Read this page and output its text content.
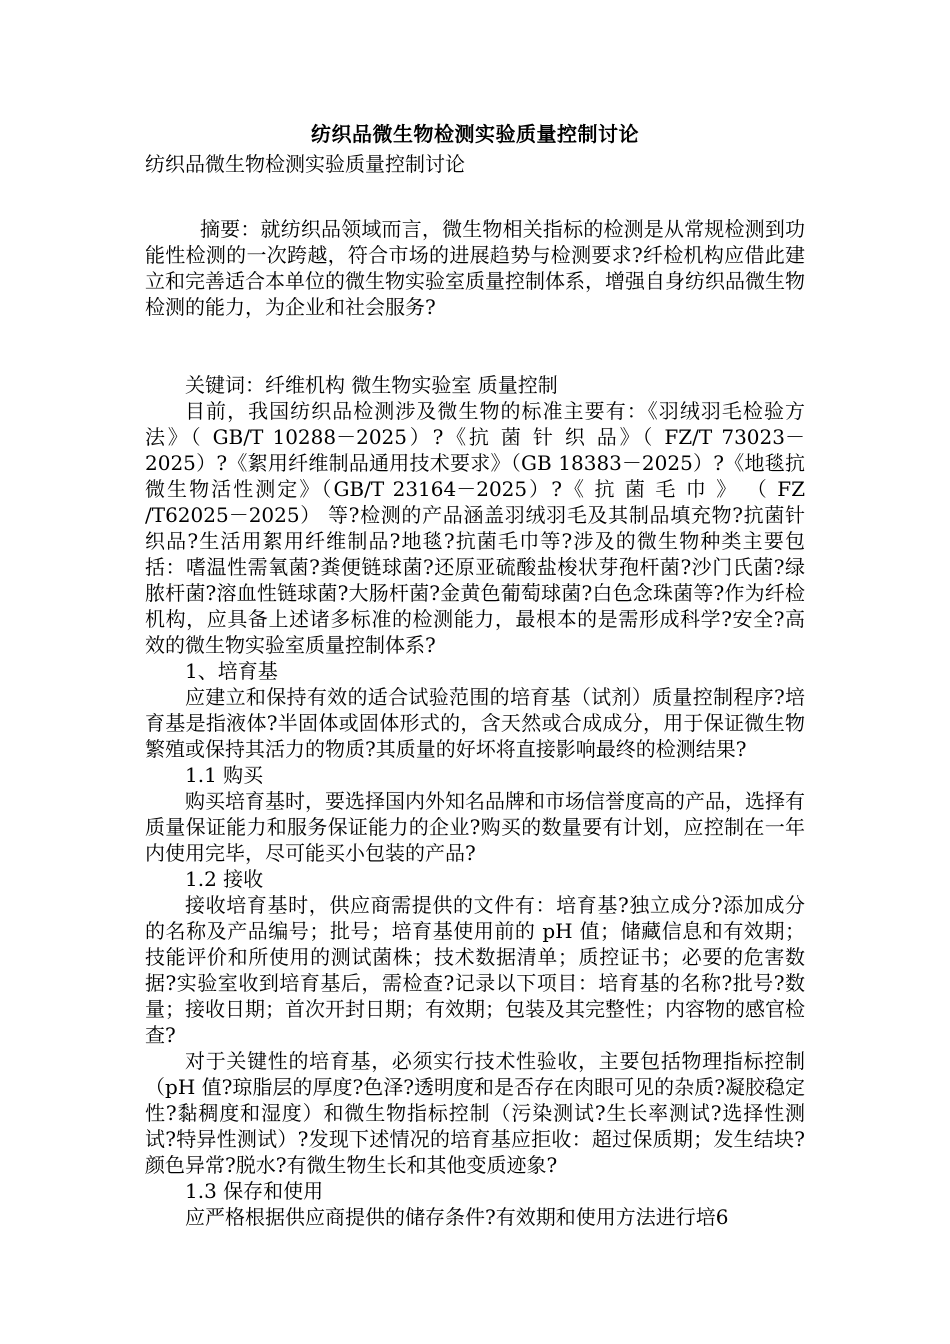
纺织品微生物检测实验质量控制讨论
纺织品微生物检测实验质量控制讨论

摘要：就纺织品领域而言，微生物相关指标的检测是从常规检测到功能性检测的一次跨越，符合市场的进展趋势与检测要求?纤检机构应借此建立和完善适合本单位的微生物实验室质量控制体系，增强自身纺织品微生物检测的能力，为企业和社会服务?

关键词：纤维机构 微生物实验室 质量控制

目前，我国纺织品检测涉及微生物的标准主要有：《羽绒羽毛检验方 法》（ GB/T 10288－2025）?《抗 菌 针 织 品》（ FZ/T 73023－2025）?《絮用纤维制品通用技术要求》（GB 18383－2025）?《地毯抗微生物活性测定》（GB/T 23164－2025）?《 抗 菌 毛 巾 》 （ FZ /T62025－2025） 等?检测的产品涵盖羽绒羽毛及其制品填充物?抗菌针织品?生活用絮用纤维制品?地毯?抗菌毛巾等?涉及的微生物种类主要包括：嗜温性需氧菌?粪便链球菌?还原亚硫酸盐梭状芽孢杆菌?沙门氏菌?绿脓杆菌?溶血性链球菌?大肠杆菌?金黄色葡萄球菌?白色念珠菌等?作为纤检机构，应具备上述诸多标准的检测能力，最根本的是需形成科学?安全?高效的微生物实验室质量控制体系?

1、培育基

应建立和保持有效的适合试验范围的培育基（试剂）质量控制程序?培育基是指液体?半固体或固体形式的，含天然或合成成分，用于保证微生物繁殖或保持其活力的物质?其质量的好坏将直接影响最终的检测结果?

1.1 购买

购买培育基时，要选择国内外知名品牌和市场信誉度高的产品，选择有质量保证能力和服务保证能力的企业?购买的数量要有计划，应控制在一年内使用完毕，尽可能买小包装的产品?

1.2 接收

接收培育基时，供应商需提供的文件有：培育基?独立成分?添加成分的名称及产品编号；批号；培育基使用前的 pH 值；储藏信息和有效期；技能评价和所使用的测试菌株；技术数据清单；质控证书；必要的危害数据?实验室收到培育基后，需检查?记录以下项目：培育基的名称?批号?数量；接收日期；首次开封日期；有效期；包装及其完整性；内容物的感官检查?

对于关键性的培育基，必须实行技术性验收，主要包括物理指标控制（pH 值?琼脂层的厚度?色泽?透明度和是否存在肉眼可见的杂质?凝胶稳定性?黏稠度和湿度）和微生物指标控制（污染测试?生长率测试?选择性测试?特异性测试）?发现下述情况的培育基应拒收：超过保质期；发生结块?颜色异常?脱水?有微生物生长和其他变质迹象?

1.3 保存和使用

应严格根据供应商提供的储存条件?有效期和使用方法进行培6
